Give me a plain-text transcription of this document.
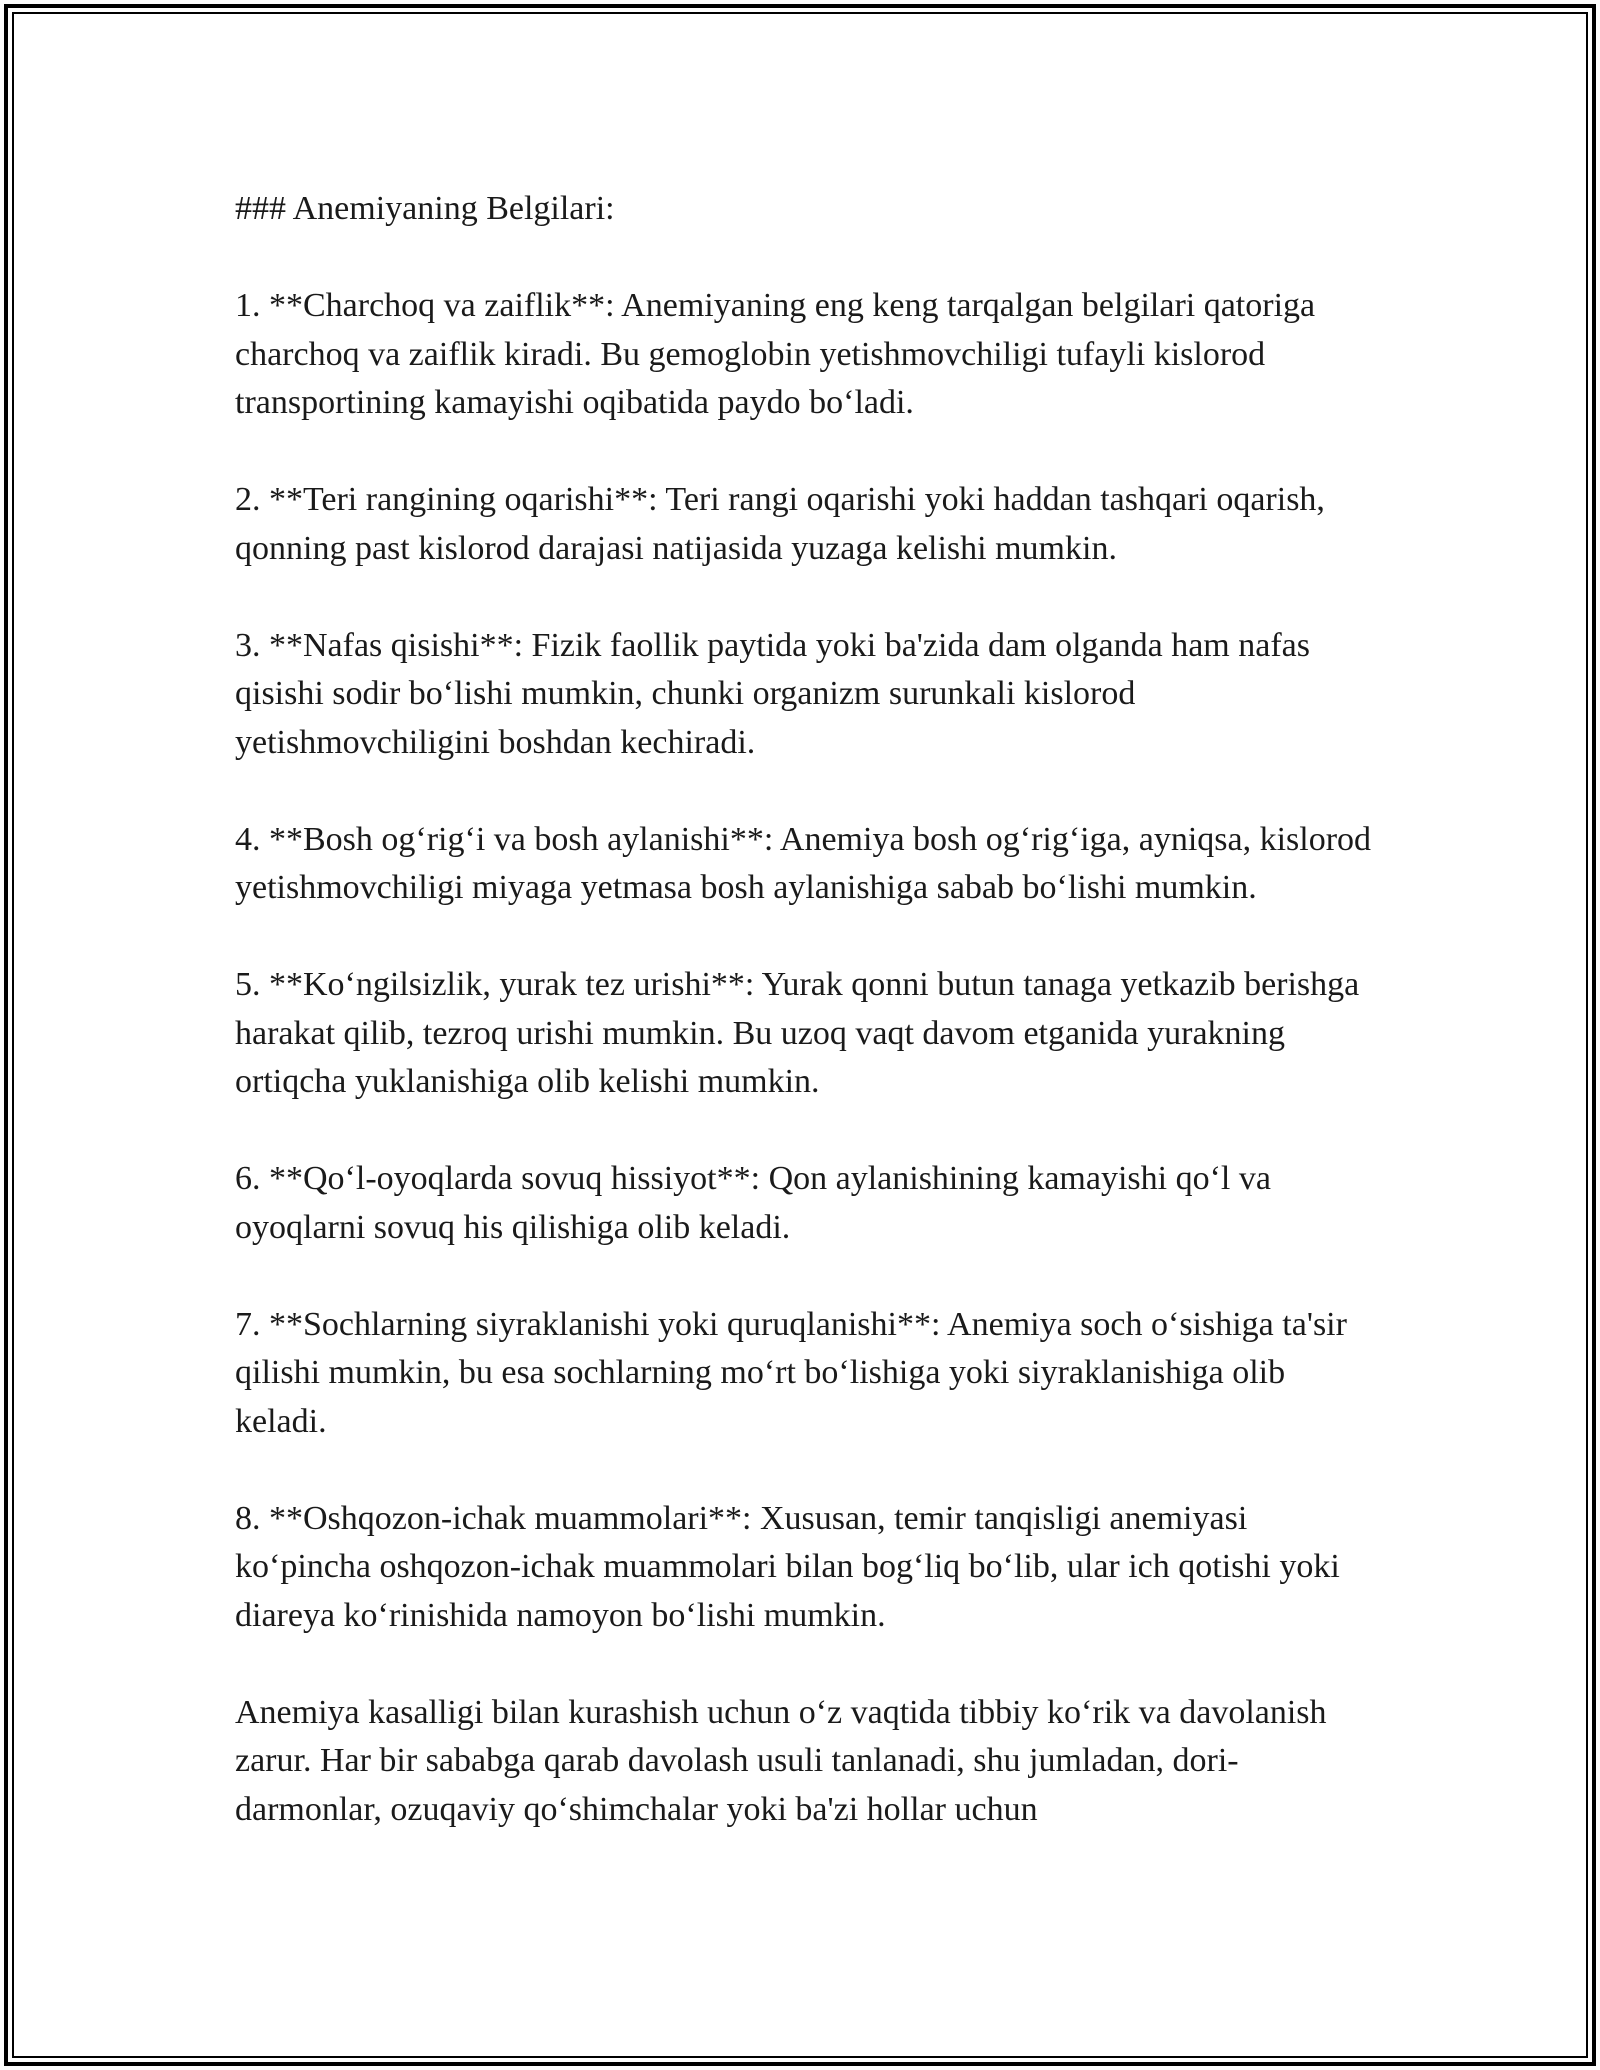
### Anemiyaning Belgilari:

1. **Charchoq va zaiflik**: Anemiyaning eng keng tarqalgan belgilari qatoriga charchoq va zaiflik kiradi. Bu gemoglobin yetishmovchiligi tufayli kislorod transportining kamayishi oqibatida paydo bo‘ladi.

2. **Teri rangining oqarishi**: Teri rangi oqarishi yoki haddan tashqari oqarish, qonning past kislorod darajasi natijasida yuzaga kelishi mumkin.

3. **Nafas qisishi**: Fizik faollik paytida yoki ba'zida dam olganda ham nafas qisishi sodir bo‘lishi mumkin, chunki organizm surunkali kislorod yetishmovchiligini boshdan kechiradi.

4. **Bosh og‘rig‘i va bosh aylanishi**: Anemiya bosh og‘rig‘iga, ayniqsa, kislorod yetishmovchiligi miyaga yetmasa bosh aylanishiga sabab bo‘lishi mumkin.

5. **Ko‘ngilsizlik, yurak tez urishi**: Yurak qonni butun tanaga yetkazib berishga harakat qilib, tezroq urishi mumkin. Bu uzoq vaqt davom etganida yurakning ortiqcha yuklanishiga olib kelishi mumkin.

6. **Qo‘l-oyoqlarda sovuq hissiyot**: Qon aylanishining kamayishi qo‘l va oyoqlarni sovuq his qilishiga olib keladi.

7. **Sochlarning siyraklanishi yoki quruqlanishi**: Anemiya soch o‘sishiga ta'sir qilishi mumkin, bu esa sochlarning mo‘rt bo‘lishiga yoki siyraklanishiga olib keladi.

8. **Oshqozon-ichak muammolari**: Xususan, temir tanqisligi anemiyasi ko‘pincha oshqozon-ichak muammolari bilan bog‘liq bo‘lib, ular ich qotishi yoki diareya ko‘rinishida namoyon bo‘lishi mumkin.

Anemiya kasalligi bilan kurashish uchun o‘z vaqtida tibbiy ko‘rik va davolanish zarur. Har bir sababga qarab davolash usuli tanlanadi, shu jumladan, dori-darmonlar, ozuqaviy qo‘shimchalar yoki ba'zi hollar uchun
